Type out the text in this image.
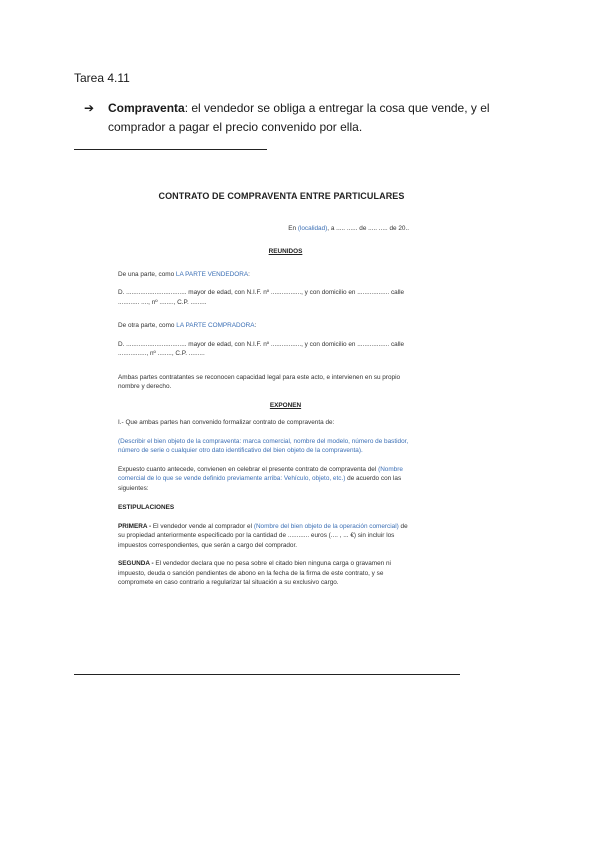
Tarea 4.11
➔	Compraventa: el vendedor se obliga a entregar la cosa que vende, y el comprador a pagar el precio convenido por ella.
CONTRATO DE COMPRAVENTA ENTRE PARTICULARES
En (localidad), a ..... ...... de ..... ..... de 20..
REUNIDOS
De una parte, como LA PARTE VENDEDORA:
D. .................................. mayor de edad, con N.I.F. nº ................., y con domicilio en .................. calle ............ ...., nº ........, C.P. .........
De otra parte, como LA PARTE COMPRADORA:
D. .................................. mayor de edad, con N.I.F. nº ................., y con domicilio en .................. calle ................, nº ........, C.P. .........
Ambas partes contratantes se reconocen capacidad legal para este acto, e intervienen en su propio nombre y derecho.
EXPONEN
I.- Que ambas partes han convenido formalizar contrato de compraventa de:
(Describir el bien objeto de la compraventa: marca comercial, nombre del modelo, número de bastidor, número de serie o cualquier otro dato identificativo del bien objeto de la compraventa).
Expuesto cuanto antecede, convienen en celebrar el presente contrato de compraventa del (Nombre comercial de lo que se vende definido previamente arriba: Vehículo, objeto, etc.) de acuerdo con las siguientes:
ESTIPULACIONES
PRIMERA - El vendedor vende al comprador el (Nombre del bien objeto de la operación comercial) de su propiedad anteriormente especificado por la cantidad de ............ euros (.... , ... €) sin incluir los impuestos correspondientes, que serán a cargo del comprador.
SEGUNDA - El vendedor declara que no pesa sobre el citado bien ninguna carga o gravamen ni impuesto, deuda o sanción pendientes de abono en la fecha de la firma de este contrato, y se compromete en caso contrario a regularizar tal situación a su exclusivo cargo.
